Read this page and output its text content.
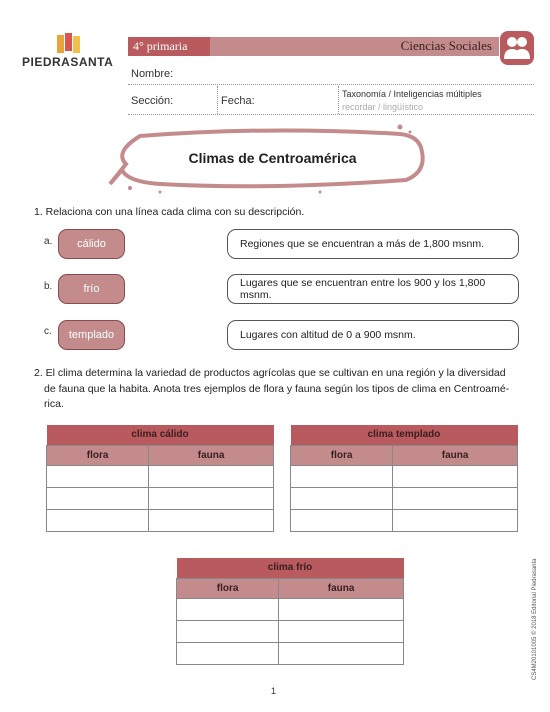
PIEDRASANTA
4° primaria	Ciencias Sociales
Nombre:
Sección:	Fecha:
Taxonomía / Inteligencias múltiples
recordar / lingüístico
Climas de Centroamérica
1. Relaciona con una línea cada clima con su descripción.
a.	cálido	Regiones que se encuentran a más de 1,800 msnm.
b.	frío	Lugares que se encuentran entre los 900 y los 1,800 msnm.
c.	templado	Lugares con altitud de 0 a 900 msnm.
2. El clima determina la variedad de productos agrícolas que se cultivan en una región y la diversidad
de fauna que la habita. Anota tres ejemplos de flora y fauna según los tipos de clima en Centroamé-
rica.
clima cálido	
flora	fauna

clima templado	
flora	fauna

clima frío	
flora	fauna

		CS4M20101005 © 2018 Editorial Piedrasanta
1
